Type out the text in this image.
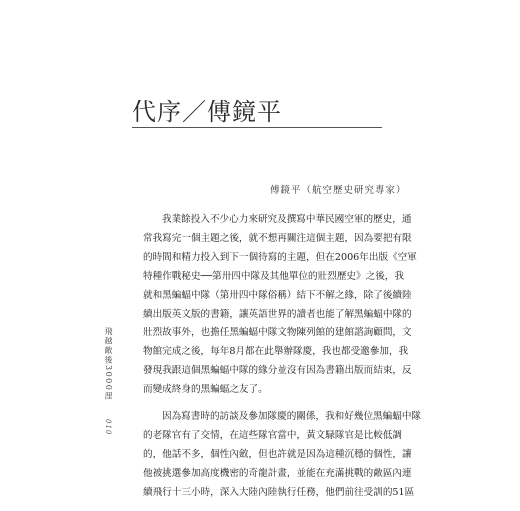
代序／傅鏡平
傅鏡平（航空歷史研究專家）
飛越敵後3000浬
010
我業餘投入不少心力來研究及撰寫中華民國空軍的歷史，通
常我寫完一個主題之後，就不想再關注這個主題，因為要把有限
的時間和精力投入到下一個待寫的主題，但在2006年出版《空軍
特種作戰秘史──第卅四中隊及其他單位的壯烈歷史》之後，我
就和黑蝙蝠中隊（第卅四中隊俗稱）結下不解之緣，除了後續陸
續出版英文版的書籍，讓英語世界的讀者也能了解黑蝙蝠中隊的
壯烈故事外，也擔任黑蝙蝠中隊文物陳列館的建館諮詢顧問，文
物館完成之後，每年8月都在此舉辦隊慶，我也都受邀參加，我
發現我跟這個黑蝙蝠中隊的緣分並沒有因為書籍出版而結束，反
而變成終身的黑蝙蝠之友了。
因為寫書時的訪談及參加隊慶的關係，我和好幾位黑蝙蝠中隊
的老隊官有了交情，在這些隊官當中，黃文騄隊官是比較低調
的，他話不多，個性內斂，但也許就是因為這種沉穩的個性，讓
他被挑選參加高度機密的奇龍計畫，並能在充滿挑戰的敵區內連
續飛行十三小時，深入大陸內陸執行任務，他們前往受訓的51區
